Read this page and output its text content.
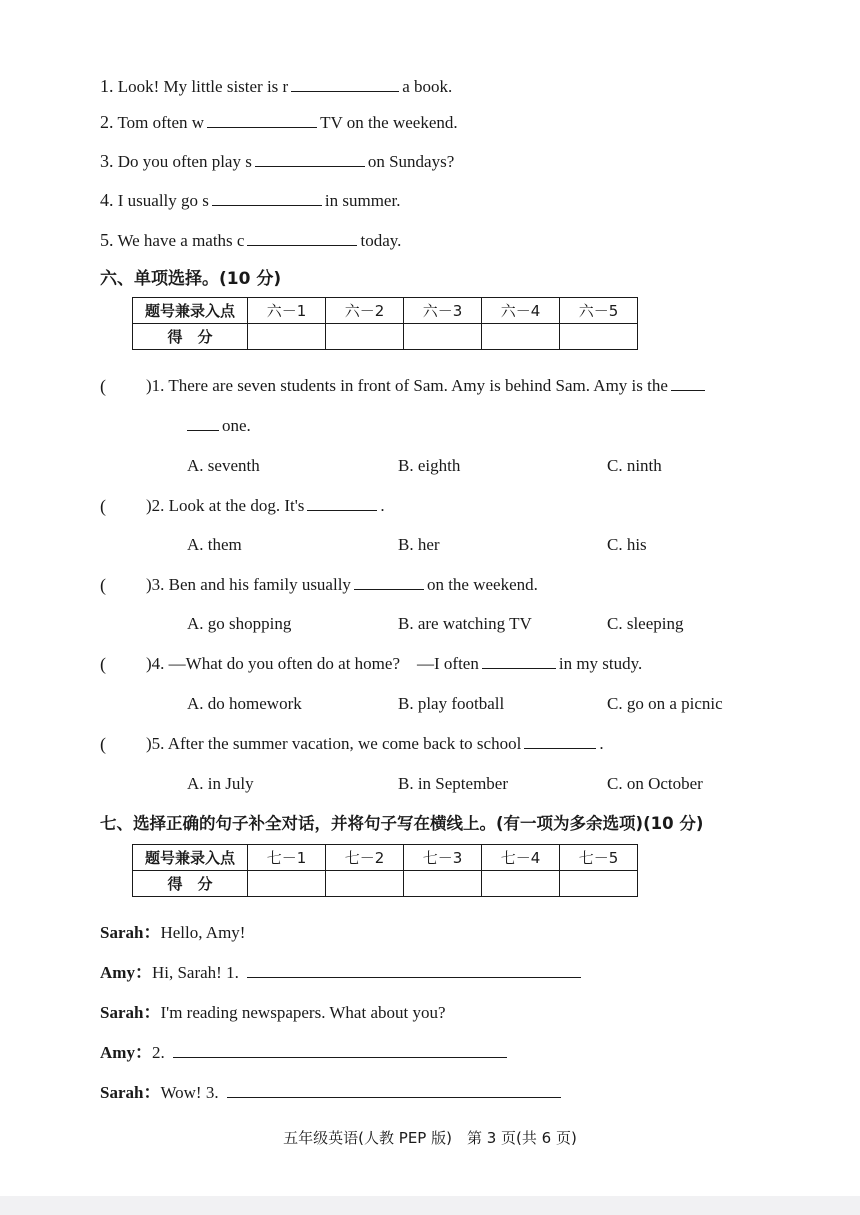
1. Look! My little sister is r	a book.
2. Tom often w	TV on the weekend.
3. Do you often play s	on Sundays?
4. I usually go s	in summer.
5. We have a maths c	today.
六、单项选择。(10 分)
题号兼录入点	六－1	六－2	六－3	六－4	六－5
得　分					
( )1. There are seven students in front of Sam. Amy is behind Sam. Amy is the
one.
A. seventh	B. eighth	C. ninth
( )2. Look at the dog. It's	.
A. them	B. her	C. his
( )3. Ben and his family usually	on the weekend.
A. go shopping	B. are watching TV	C. sleeping
( )4. —What do you often do at home?　—I often	in my study.
A. do homework	B. play football	C. go on a picnic
( )5. After the summer vacation, we come back to school	.
A. in July	B. in September	C. on October
七、选择正确的句子补全对话，并将句子写在横线上。(有一项为多余选项)(10 分)
题号兼录入点	七－1	七－2	七－3	七－4	七－5
得　分					
Sarah：Hello, Amy!
Amy：Hi, Sarah! 1.
Sarah：I'm reading newspapers. What about you?
Amy：2.
Sarah：Wow! 3.
五年级英语(人教 PEP 版)　第 3 页(共 6 页)
